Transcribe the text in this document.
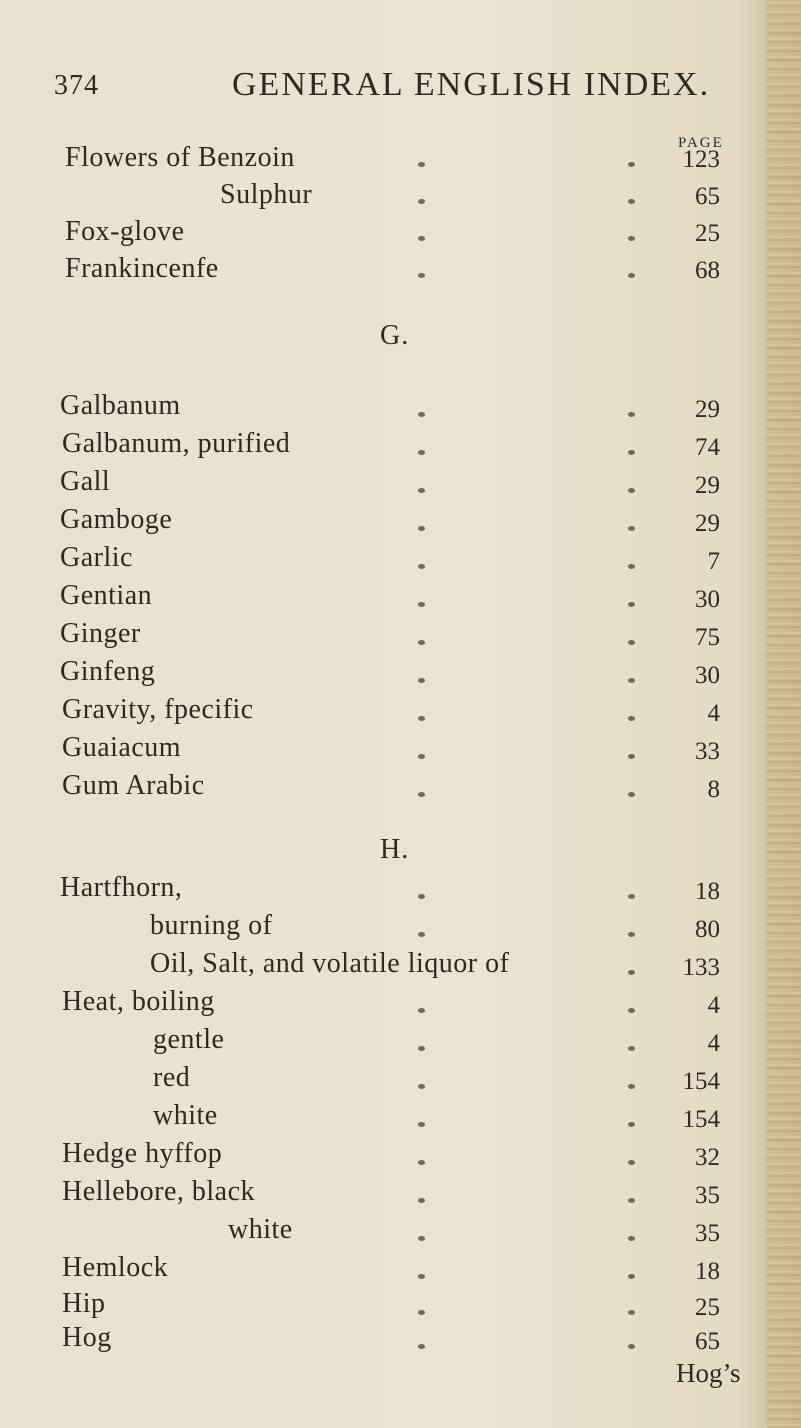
374	GENERAL ENGLISH INDEX.
PAGE
Flowers of Benzoin	123
Sulphur	65
Fox-glove	25
Frankincenfe	68
G.
Galbanum	29
Galbanum, purified	74
Gall	29
Gamboge	29
Garlic	7
Gentian	30
Ginger	75
Ginfeng	30
Gravity, fpecific	4
Guaiacum	33
Gum Arabic	8
H.
Hartfhorn,	18
burning of	80
Oil, Salt, and volatile liquor of	133
Heat, boiling	4
gentle	4
red	154
white	154
Hedge hyffop	32
Hellebore, black	35
white	35
Hemlock	18
Hip	25
Hog	65
Hog’s
